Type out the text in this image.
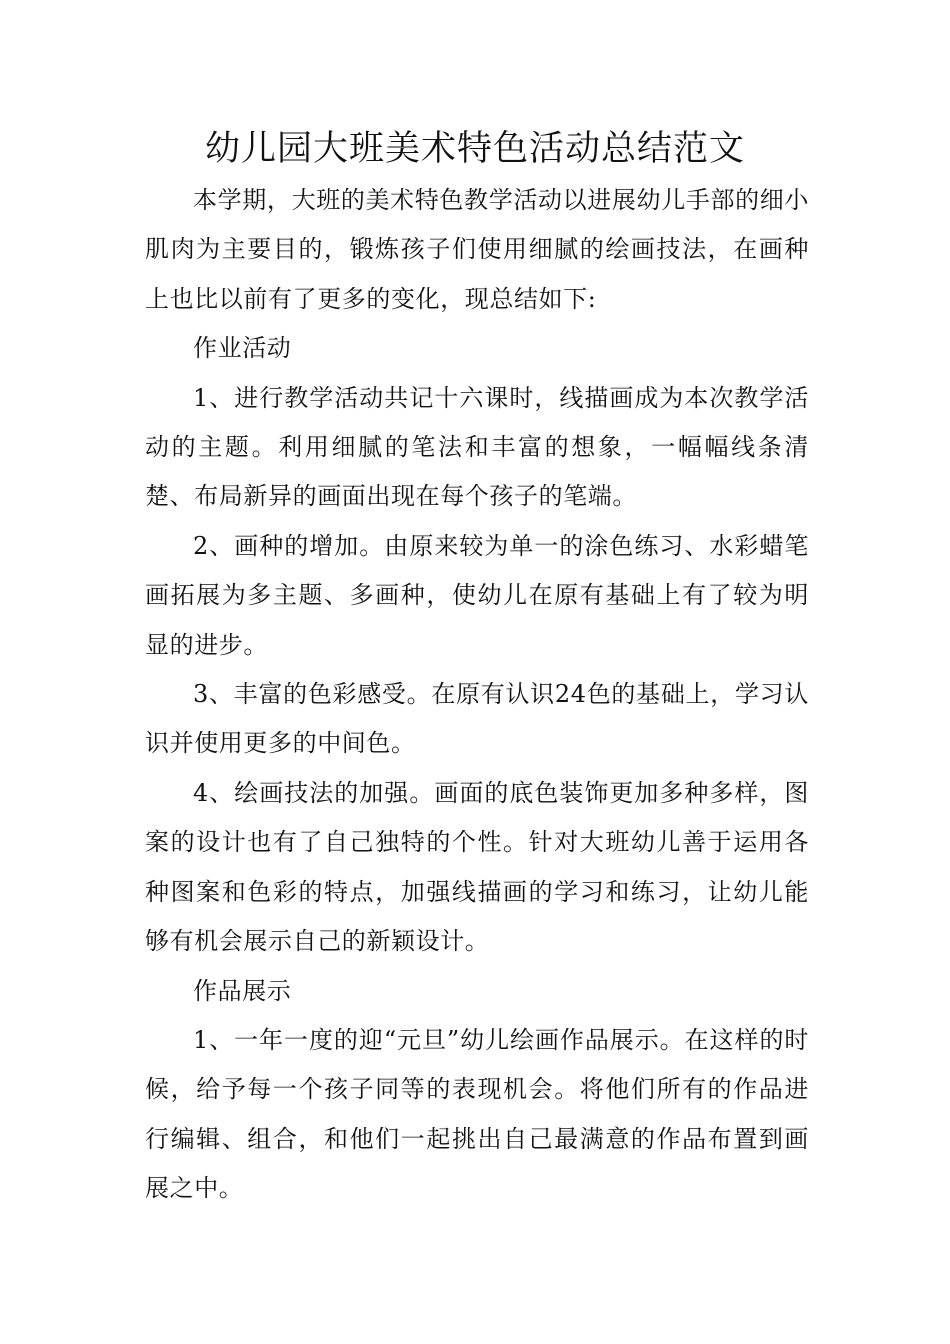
幼儿园大班美术特色活动总结范文

本学期，大班的美术特色教学活动以进展幼儿手部的细小肌肉为主要目的，锻炼孩子们使用细腻的绘画技法，在画种上也比以前有了更多的变化，现总结如下:

作业活动

1、进行教学活动共记十六课时，线描画成为本次教学活动的主题。利用细腻的笔法和丰富的想象，一幅幅线条清楚、布局新异的画面出现在每个孩子的笔端。

2、画种的增加。由原来较为单一的涂色练习、水彩蜡笔画拓展为多主题、多画种，使幼儿在原有基础上有了较为明显的进步。

3、丰富的色彩感受。在原有认识24色的基础上，学习认识并使用更多的中间色。

4、绘画技法的加强。画面的底色装饰更加多种多样，图案的设计也有了自己独特的个性。针对大班幼儿善于运用各种图案和色彩的特点，加强线描画的学习和练习，让幼儿能够有机会展示自己的新颖设计。

作品展示

1、一年一度的迎“元旦”幼儿绘画作品展示。在这样的时候，给予每一个孩子同等的表现机会。将他们所有的作品进行编辑、组合，和他们一起挑出自己最满意的作品布置到画展之中。
